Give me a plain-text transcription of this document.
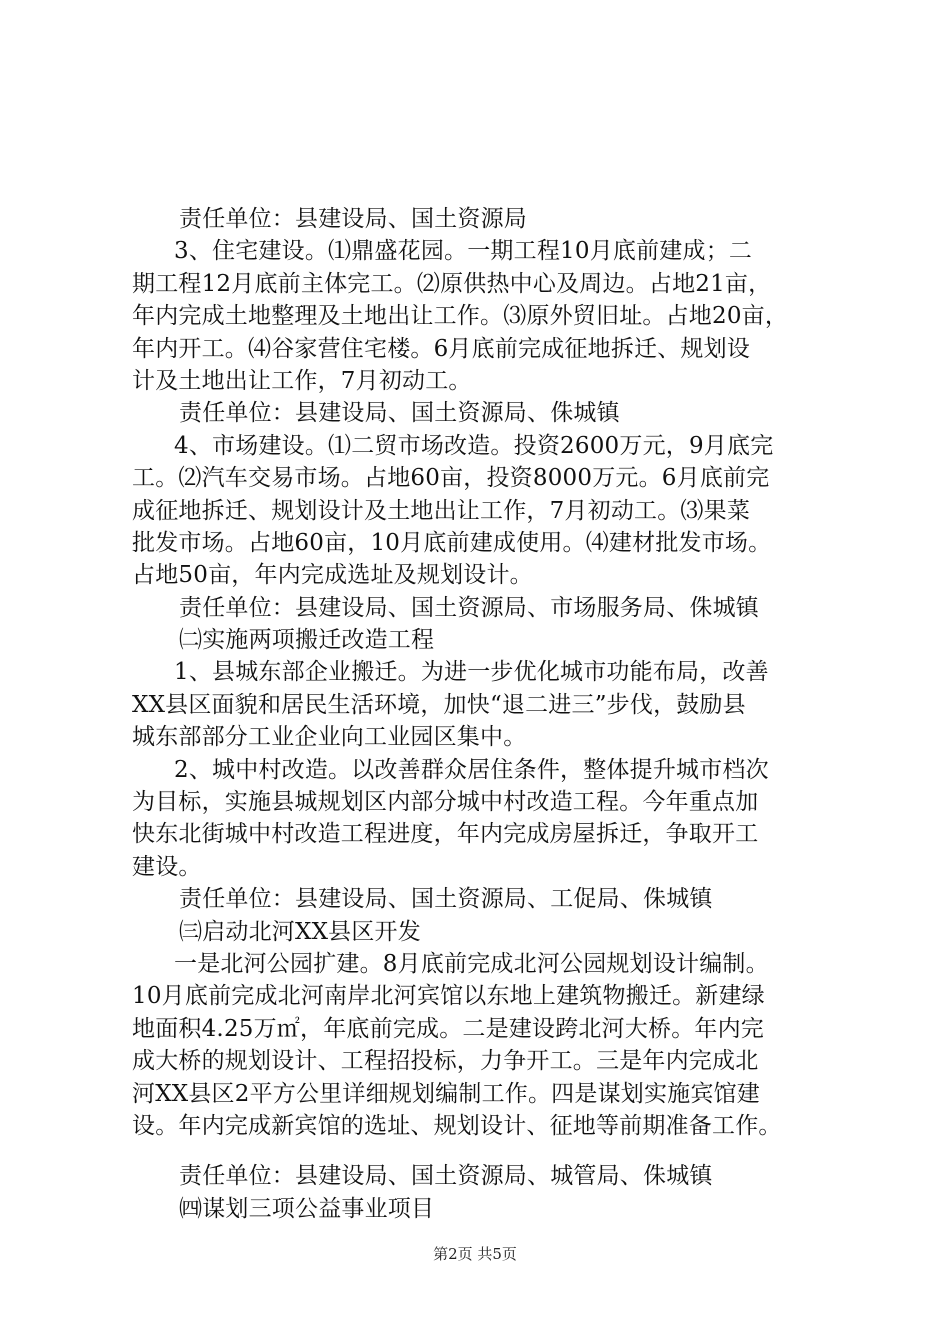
责任单位：县建设局、国土资源局
3、住宅建设。⑴鼎盛花园。一期工程10月底前建成；二
期工程12月底前主体完工。⑵原供热中心及周边。占地21亩，
年内完成土地整理及土地出让工作。⑶原外贸旧址。占地20亩，
年内开工。⑷谷家营住宅楼。6月底前完成征地拆迁、规划设
计及土地出让工作，7月初动工。
责任单位：县建设局、国土资源局、侏城镇
4、市场建设。⑴二贸市场改造。投资2600万元，9月底完
工。⑵汽车交易市场。占地60亩，投资8000万元。6月底前完
成征地拆迁、规划设计及土地出让工作，7月初动工。⑶果菜
批发市场。占地60亩，10月底前建成使用。⑷建材批发市场。
占地50亩，年内完成选址及规划设计。
责任单位：县建设局、国土资源局、市场服务局、侏城镇
㈡实施两项搬迁改造工程
1、县城东部企业搬迁。为进一步优化城市功能布局，改善
XX县区面貌和居民生活环境，加快“退二进三”步伐，鼓励县
城东部部分工业企业向工业园区集中。
2、城中村改造。以改善群众居住条件，整体提升城市档次
为目标，实施县城规划区内部分城中村改造工程。今年重点加
快东北街城中村改造工程进度，年内完成房屋拆迁，争取开工
建设。
责任单位：县建设局、国土资源局、工促局、侏城镇
㈢启动北河XX县区开发
一是北河公园扩建。8月底前完成北河公园规划设计编制。
10月底前完成北河南岸北河宾馆以东地上建筑物搬迁。新建绿
地面积4.25万㎡，年底前完成。二是建设跨北河大桥。年内完
成大桥的规划设计、工程招投标，力争开工。三是年内完成北
河XX县区2平方公里详细规划编制工作。四是谋划实施宾馆建
设。年内完成新宾馆的选址、规划设计、征地等前期准备工作。
责任单位：县建设局、国土资源局、城管局、侏城镇
㈣谋划三项公益事业项目
第2页 共5页
